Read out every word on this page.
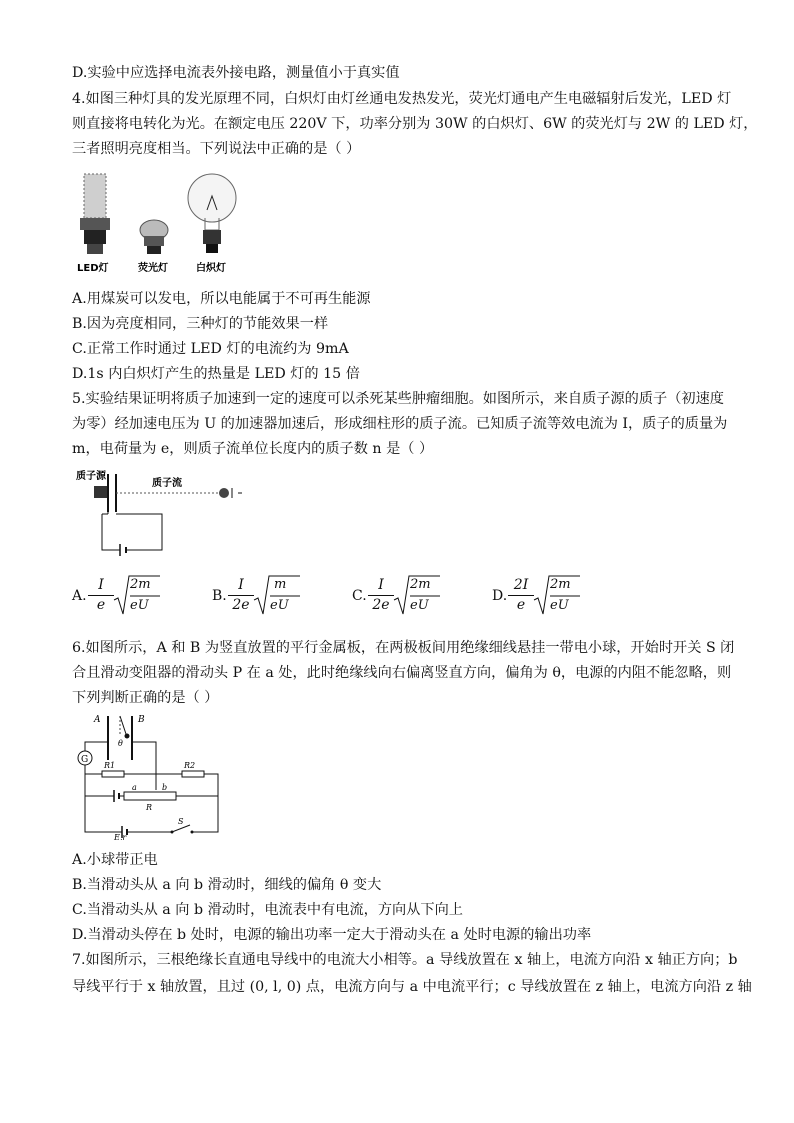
D.实验中应选择电流表外接电路，测量值小于真实值
4.如图三种灯具的发光原理不同，白炽灯由灯丝通电发热发光，荧光灯通电产生电磁辐射后发光，LED 灯
则直接将电转化为光。在额定电压 220V 下，功率分别为 30W 的白炽灯、6W 的荧光灯与 2W 的 LED 灯，
三者照明亮度相当。下列说法中正确的是（ ）
LED灯	荧光灯	白炽灯
A.用煤炭可以发电，所以电能属于不可再生能源
B.因为亮度相同，三种灯的节能效果一样
C.正常工作时通过 LED 灯的电流约为 9mA
D.1s 内白炽灯产生的热量是 LED 灯的 15 倍
5.实验结果证明将质子加速到一定的速度可以杀死某些肿瘤细胞。如图所示，来自质子源的质子（初速度
为零）经加速电压为 U 的加速器加速后，形成细柱形的质子流。已知质子流等效电流为 I，质子的质量为
m，电荷量为 e，则质子流单位长度内的质子数 n 是（ ）
质子源
质子流
A.
I
e
2m
eU
B.
I
2e
m
eU
C.
I
2e
2m
eU
D.
2I
e
2m
eU
6.如图所示，A 和 B 为竖直放置的平行金属板，在两极板间用绝缘细线悬挂一带电小球，开始时开关 S 闭
合且滑动变阻器的滑动头 P 在 a 处，此时绝缘线向右偏离竖直方向，偏角为 θ，电源的内阻不能忽略，则
下列判断正确的是（ ）
A	B
θ
G
R1	R2
a	b
R
E,r
S
A.小球带正电
B.当滑动头从 a 向 b 滑动时，细线的偏角 θ 变大
C.当滑动头从 a 向 b 滑动时，电流表中有电流，方向从下向上
D.当滑动头停在 b 处时，电源的输出功率一定大于滑动头在 a 处时电源的输出功率
7.如图所示，三根绝缘长直通电导线中的电流大小相等。a 导线放置在 x 轴上，电流方向沿 x 轴正方向；b
导线平行于 x 轴放置，且过 (0, l, 0) 点，电流方向与 a 中电流平行；c 导线放置在 z 轴上，电流方向沿 z 轴
